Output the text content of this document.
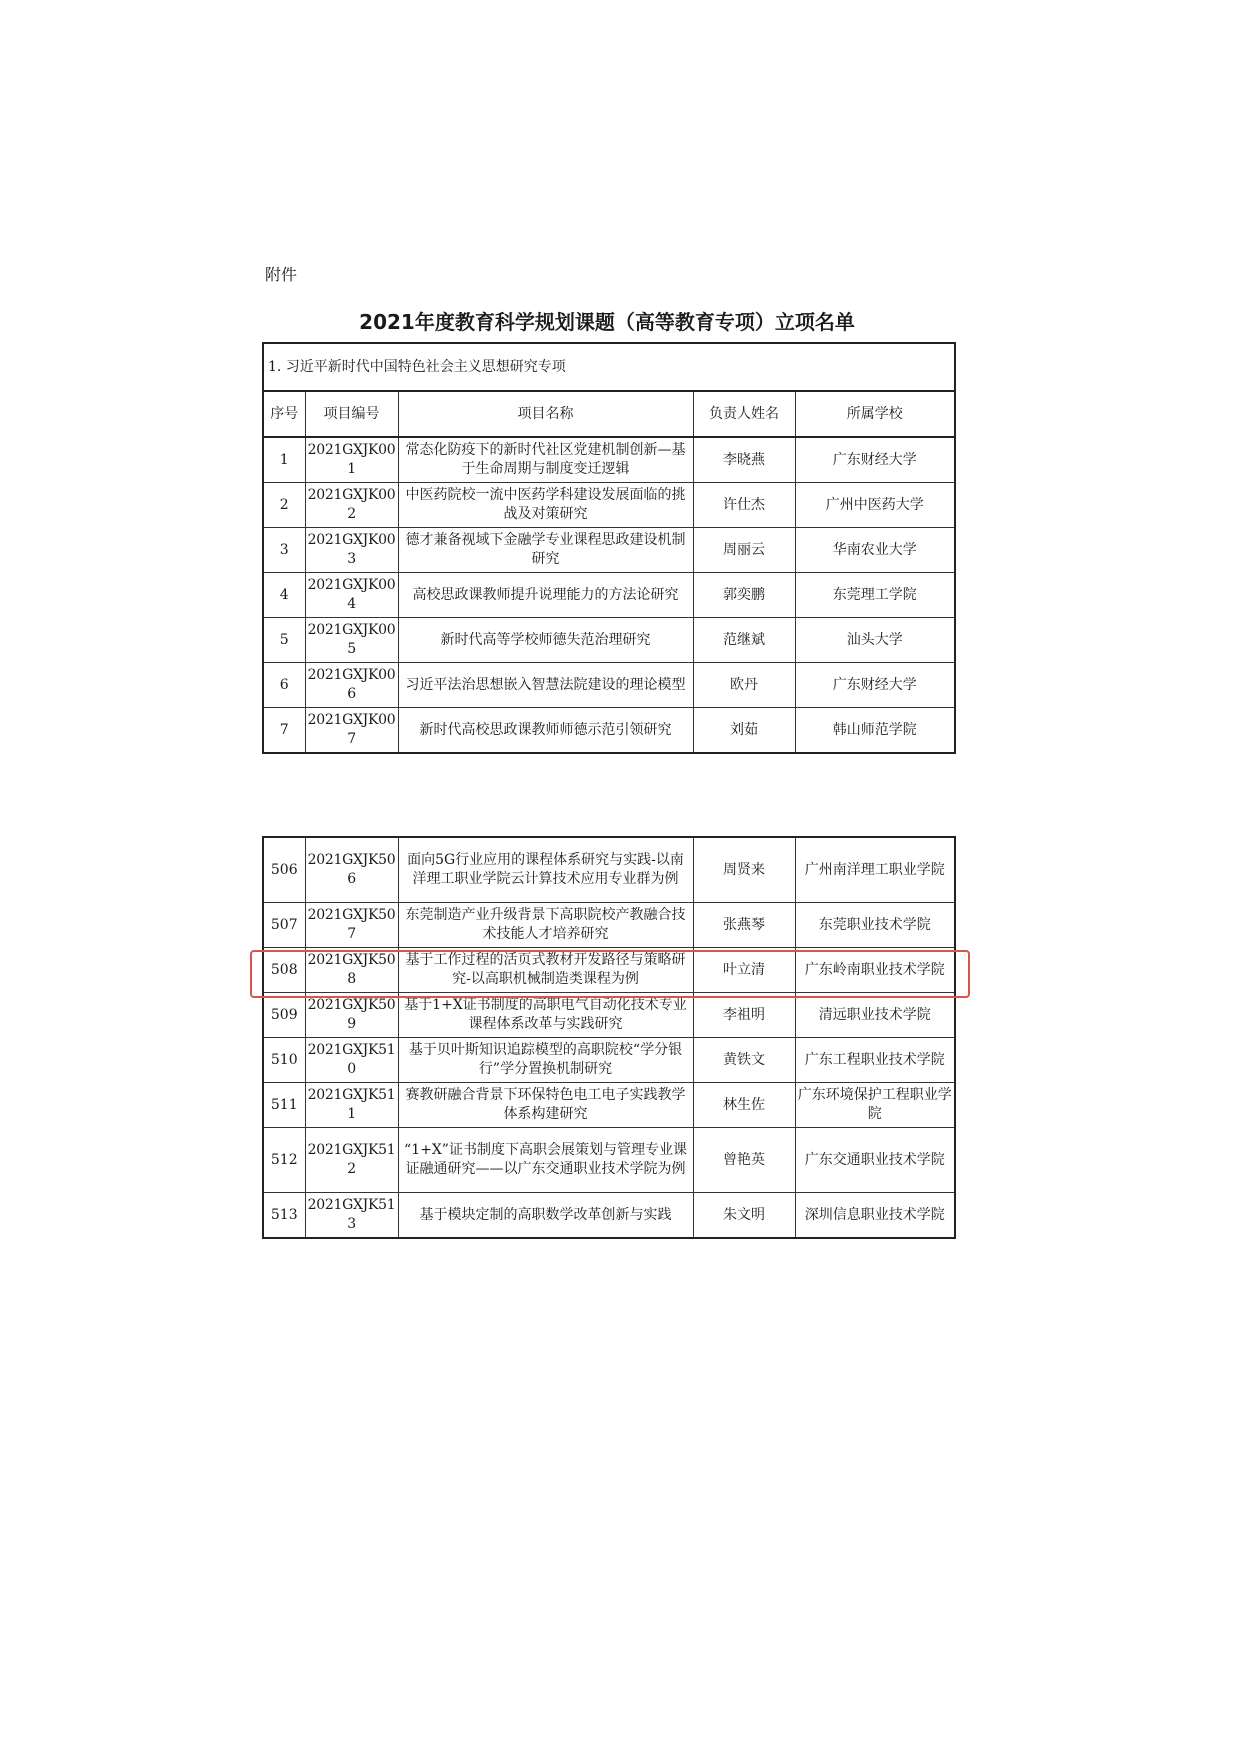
附件
2021年度教育科学规划课题（高等教育专项）立项名单
1. 习近平新时代中国特色社会主义思想研究专项				
序号	项目编号	项目名称	负责人姓名	所属学校
1	2021GXJK001	常态化防疫下的新时代社区党建机制创新—基于生命周期与制度变迁逻辑	李晓燕	广东财经大学
2	2021GXJK002	中医药院校一流中医药学科建设发展面临的挑战及对策研究	许仕杰	广州中医药大学
3	2021GXJK003	德才兼备视域下金融学专业课程思政建设机制研究	周丽云	华南农业大学
4	2021GXJK004	高校思政课教师提升说理能力的方法论研究	郭奕鹏	东莞理工学院
5	2021GXJK005	新时代高等学校师德失范治理研究	范继斌	汕头大学
6	2021GXJK006	习近平法治思想嵌入智慧法院建设的理论模型	欧丹	广东财经大学
7	2021GXJK007	新时代高校思政课教师师德示范引领研究	刘茹	韩山师范学院
506	2021GXJK506	面向5G行业应用的课程体系研究与实践-以南洋理工职业学院云计算技术应用专业群为例	周贤来	广州南洋理工职业学院
507	2021GXJK507	东莞制造产业升级背景下高职院校产教融合技术技能人才培养研究	张燕琴	东莞职业技术学院
508	2021GXJK508	基于工作过程的活页式教材开发路径与策略研究-以高职机械制造类课程为例	叶立清	广东岭南职业技术学院
509	2021GXJK509	基于1+X证书制度的高职电气自动化技术专业课程体系改革与实践研究	李祖明	清远职业技术学院
510	2021GXJK510	基于贝叶斯知识追踪模型的高职院校“学分银行”学分置换机制研究	黄铁文	广东工程职业技术学院
511	2021GXJK511	赛教研融合背景下环保特色电工电子实践教学体系构建研究	林生佐	广东环境保护工程职业学院
512	2021GXJK512	“1+X”证书制度下高职会展策划与管理专业课证融通研究——以广东交通职业技术学院为例	曾艳英	广东交通职业技术学院
513	2021GXJK513	基于模块定制的高职数学改革创新与实践	朱文明	深圳信息职业技术学院
